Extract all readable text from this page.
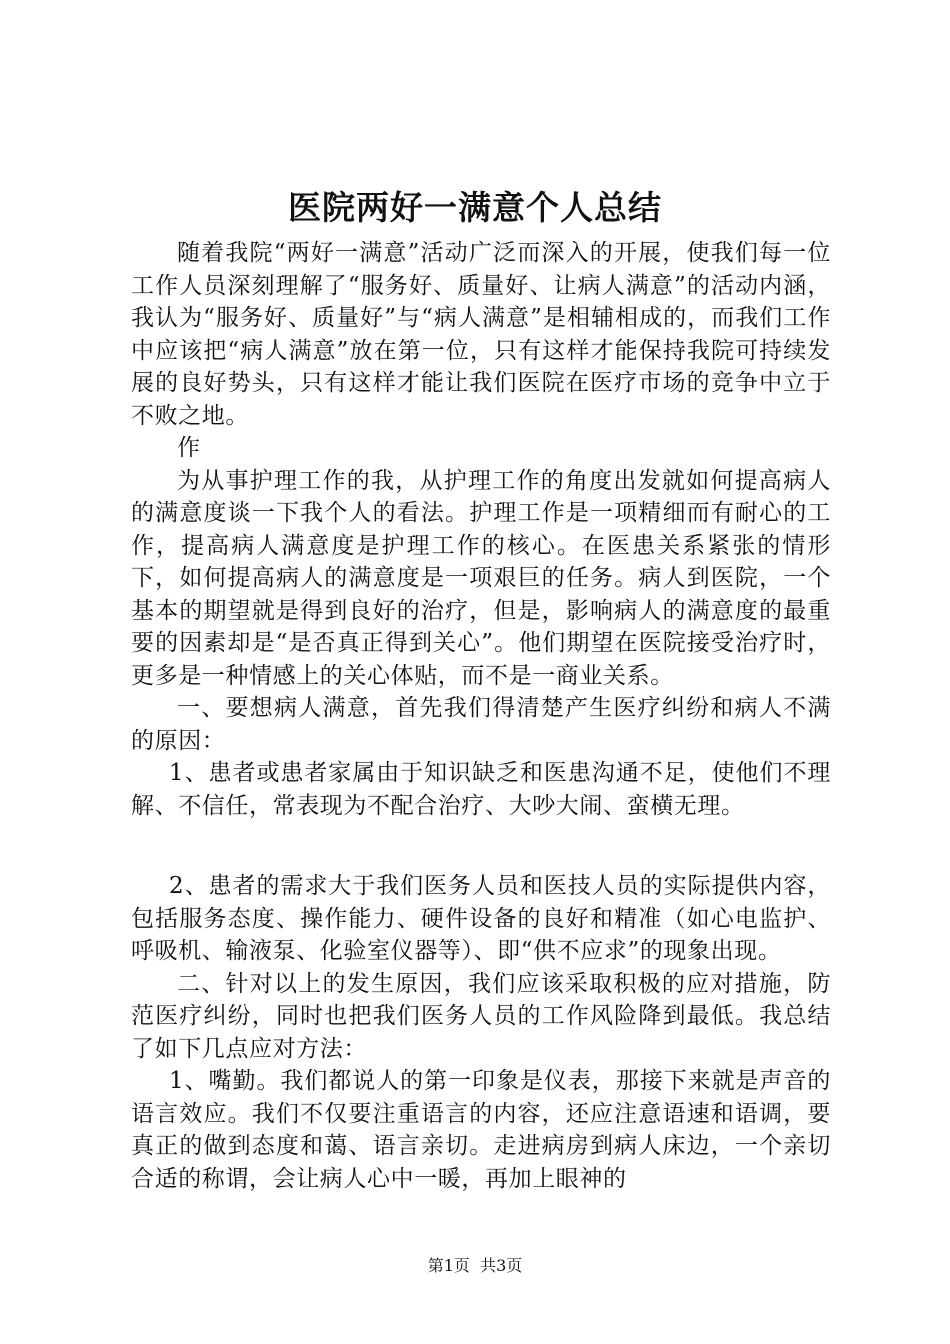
医院两好一满意个人总结

随着我院“两好一满意”活动广泛而深入的开展，使我们每一位工作人员深刻理解了“服务好、质量好、让病人满意”的活动内涵，我认为“服务好、质量好”与“病人满意”是相辅相成的，而我们工作中应该把“病人满意”放在第一位，只有这样才能保持我院可持续发展的良好势头，只有这样才能让我们医院在医疗市场的竞争中立于不败之地。

作

为从事护理工作的我，从护理工作的角度出发就如何提高病人的满意度谈一下我个人的看法。护理工作是一项精细而有耐心的工作，提高病人满意度是护理工作的核心。在医患关系紧张的情形下，如何提高病人的满意度是一项艰巨的任务。病人到医院，一个基本的期望就是得到良好的治疗，但是，影响病人的满意度的最重要的因素却是“是否真正得到关心”。他们期望在医院接受治疗时，更多是一种情感上的关心体贴，而不是一商业关系。

一、要想病人满意，首先我们得清楚产生医疗纠纷和病人不满的原因：

1、患者或患者家属由于知识缺乏和医患沟通不足，使他们不理解、不信任，常表现为不配合治疗、大吵大闹、蛮横无理。

2、患者的需求大于我们医务人员和医技人员的实际提供内容，包括服务态度、操作能力、硬件设备的良好和精准（如心电监护、呼吸机、输液泵、化验室仪器等）、即“供不应求”的现象出现。

二、针对以上的发生原因，我们应该采取积极的应对措施，防范医疗纠纷，同时也把我们医务人员的工作风险降到最低。我总结了如下几点应对方法：

1、嘴勤。我们都说人的第一印象是仪表，那接下来就是声音的语言效应。我们不仅要注重语言的内容，还应注意语速和语调，要真正的做到态度和蔼、语言亲切。走进病房到病人床边，一个亲切合适的称谓，会让病人心中一暖，再加上眼神的

第1页 共3页
